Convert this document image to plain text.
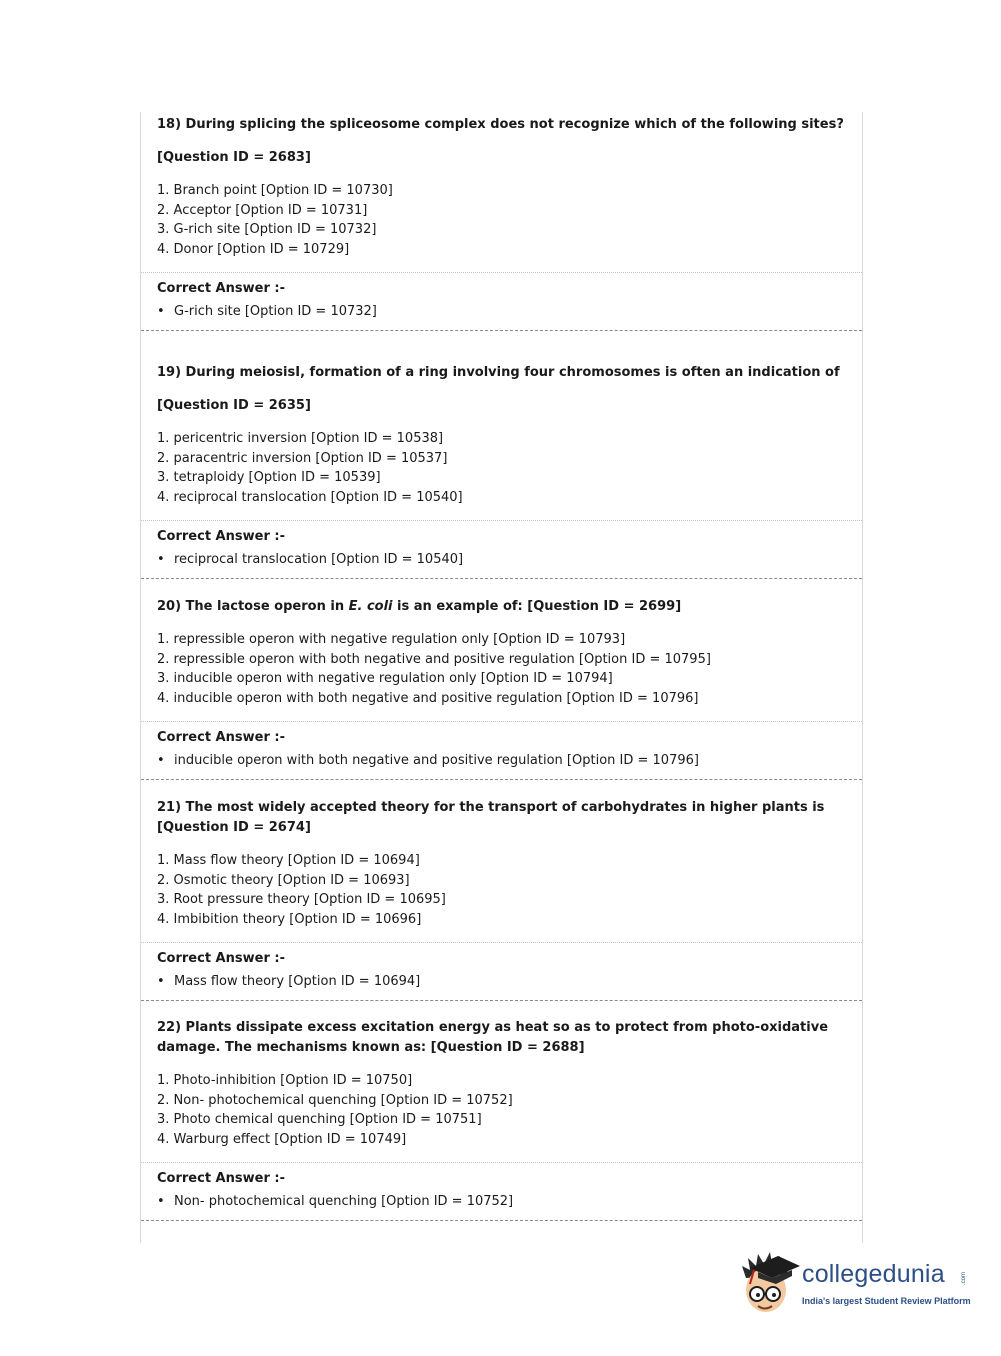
18) During splicing the spliceosome complex does not recognize which of the following sites?
[Question ID = 2683]
1. Branch point [Option ID = 10730]
2. Acceptor [Option ID = 10731]
3. G-rich site [Option ID = 10732]
4. Donor [Option ID = 10729]
Correct Answer :-
• G-rich site [Option ID = 10732]
19) During meiosisI, formation of a ring involving four chromosomes is often an indication of
[Question ID = 2635]
1. pericentric inversion [Option ID = 10538]
2. paracentric inversion [Option ID = 10537]
3. tetraploidy [Option ID = 10539]
4. reciprocal translocation [Option ID = 10540]
Correct Answer :-
• reciprocal translocation [Option ID = 10540]
20) The lactose operon in E. coli is an example of: [Question ID = 2699]
1. repressible operon with negative regulation only [Option ID = 10793]
2. repressible operon with both negative and positive regulation [Option ID = 10795]
3. inducible operon with negative regulation only [Option ID = 10794]
4. inducible operon with both negative and positive regulation [Option ID = 10796]
Correct Answer :-
• inducible operon with both negative and positive regulation [Option ID = 10796]
21) The most widely accepted theory for the transport of carbohydrates in higher plants is [Question ID = 2674]
1. Mass flow theory [Option ID = 10694]
2. Osmotic theory [Option ID = 10693]
3. Root pressure theory [Option ID = 10695]
4. Imbibition theory [Option ID = 10696]
Correct Answer :-
• Mass flow theory [Option ID = 10694]
22) Plants dissipate excess excitation energy as heat so as to protect from photo-oxidative damage. The mechanisms known as: [Question ID = 2688]
1. Photo-inhibition [Option ID = 10750]
2. Non- photochemical quenching [Option ID = 10752]
3. Photo chemical quenching [Option ID = 10751]
4. Warburg effect [Option ID = 10749]
Correct Answer :-
• Non- photochemical quenching [Option ID = 10752]
collegedunia	.com
India's largest Student Review Platform
